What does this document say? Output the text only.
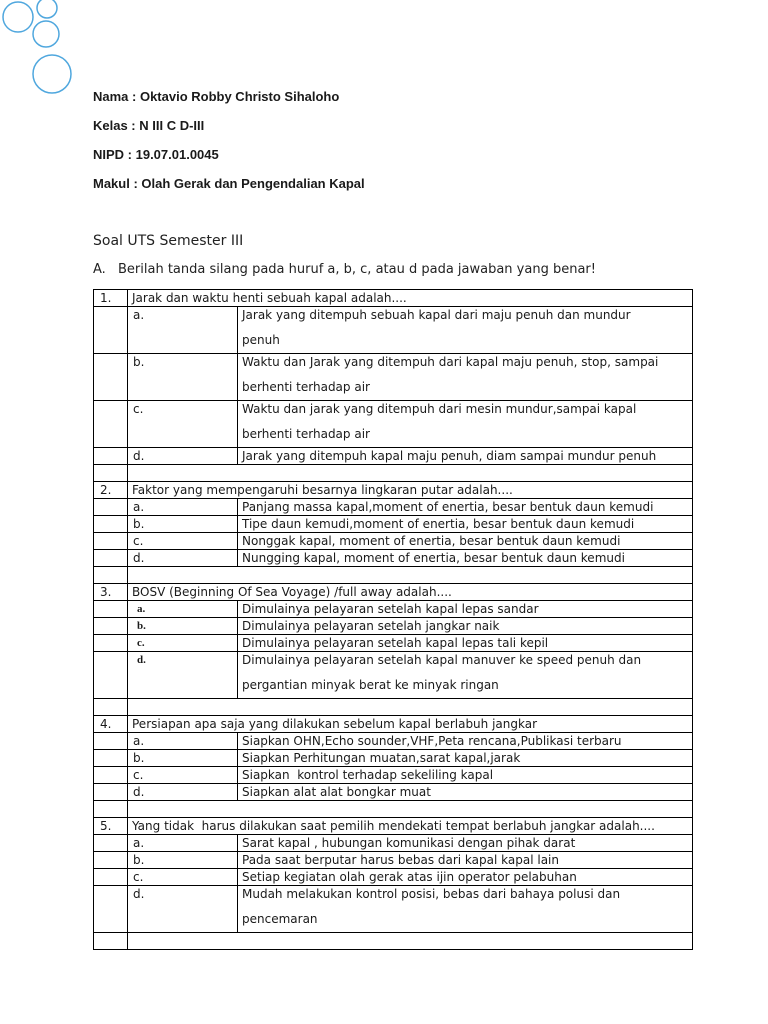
Nama : Oktavio Robby Christo Sihaloho
Kelas : N III C D-III
NIPD : 19.07.01.0045
Makul : Olah Gerak dan Pengendalian Kapal
Soal UTS Semester III
A. Berilah tanda silang pada huruf a, b, c, atau d pada jawaban yang benar!
1.	Jarak dan waktu henti sebuah kapal adalah....	
	a.	Jarak yang ditempuh sebuah kapal dari maju penuh dan mundur penuh

	b.	Waktu dan Jarak yang ditempuh dari kapal maju penuh, stop, sampai berhenti terhadap air

	c.	Waktu dan jarak yang ditempuh dari mesin mundur,sampai kapal berhenti terhadap air

	d.	Jarak yang ditempuh kapal maju penuh, diam sampai mundur penuh

2.	Faktor yang mempengaruhi besarnya lingkaran putar adalah....	
	a.	Panjang massa kapal,moment of enertia, besar bentuk daun kemudi
	b.	Tipe daun kemudi,moment of enertia, besar bentuk daun kemudi
	c.	Nonggak kapal, moment of enertia, besar bentuk daun kemudi
	d.	Nungging kapal, moment of enertia, besar bentuk daun kemudi

3.	BOSV (Beginning Of Sea Voyage) /full away adalah....	
	a.	Dimulainya pelayaran setelah kapal lepas sandar
	b.	Dimulainya pelayaran setelah jangkar naik
	c.	Dimulainya pelayaran setelah kapal lepas tali kepil
	d.	Dimulainya pelayaran setelah kapal manuver ke speed penuh dan pergantian minyak berat ke minyak ringan

4.	Persiapan apa saja yang dilakukan sebelum kapal berlabuh jangkar	
	a.	Siapkan OHN,Echo sounder,VHF,Peta rencana,Publikasi terbaru
	b.	Siapkan Perhitungan muatan,sarat kapal,jarak
	c.	Siapkan  kontrol terhadap sekeliling kapal
	d.	Siapkan alat alat bongkar muat

5.	Yang tidak  harus dilakukan saat pemilih mendekati tempat berlabuh jangkar adalah....	
	a.	Sarat kapal , hubungan komunikasi dengan pihak darat
	b.	Pada saat berputar harus bebas dari kapal kapal lain
	c.	Setiap kegiatan olah gerak atas ijin operator pelabuhan
	d.	Mudah melakukan kontrol posisi, bebas dari bahaya polusi dan pencemaran
